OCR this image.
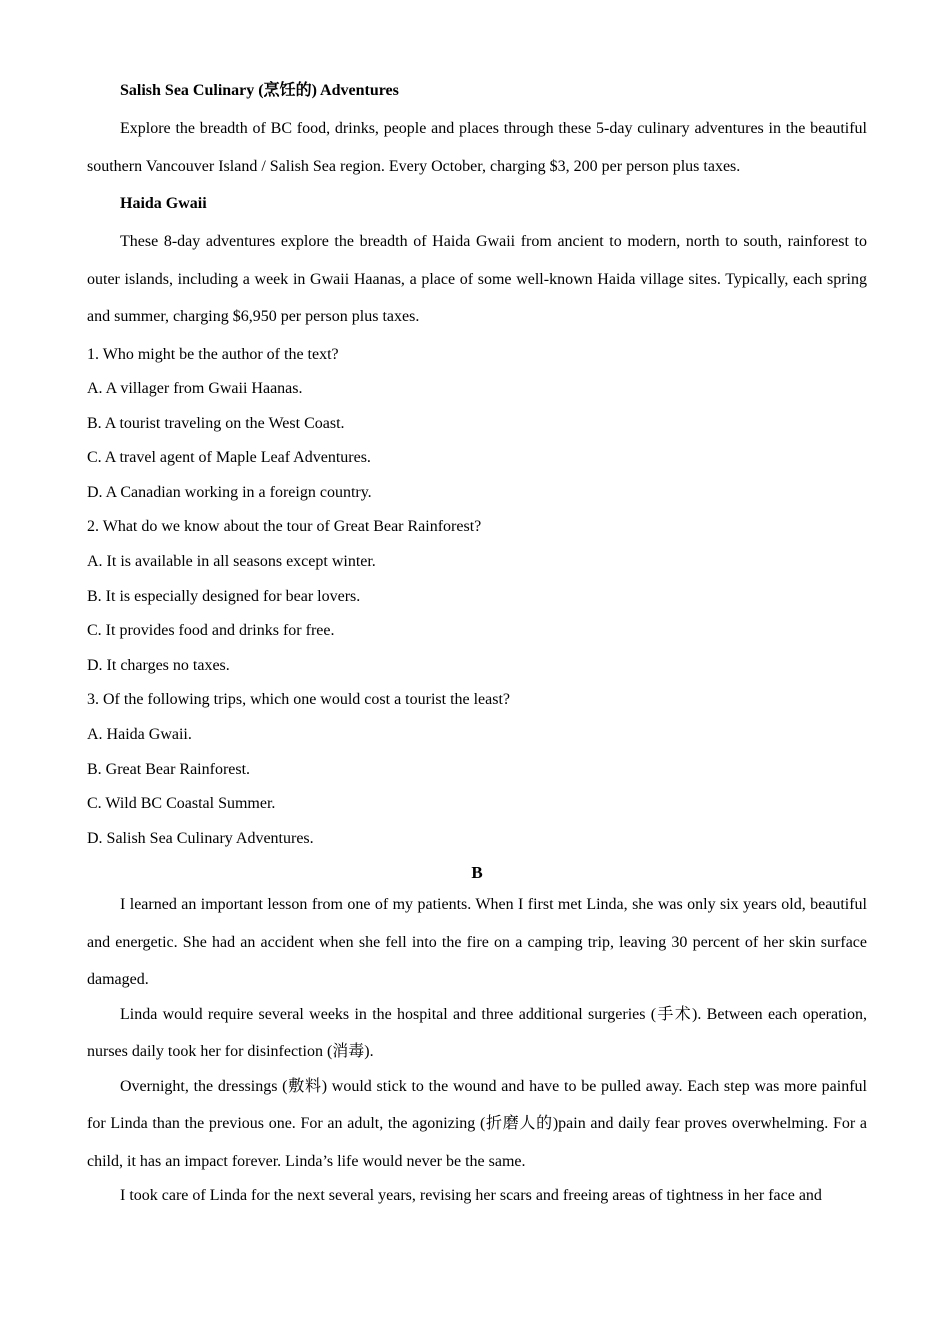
Salish Sea Culinary (烹饪的) Adventures

Explore the breadth of BC food, drinks, people and places through these 5-day culinary adventures in the beautiful southern Vancouver Island / Salish Sea region. Every October, charging $3, 200 per person plus taxes.

Haida Gwaii

These 8-day adventures explore the breadth of Haida Gwaii from ancient to modern, north to south, rainforest to outer islands, including a week in Gwaii Haanas, a place of some well-known Haida village sites. Typically, each spring and summer, charging $6,950 per person plus taxes.

1. Who might be the author of the text?
A. A villager from Gwaii Haanas.
B. A tourist traveling on the West Coast.
C. A travel agent of Maple Leaf Adventures.
D. A Canadian working in a foreign country.
2. What do we know about the tour of Great Bear Rainforest?
A. It is available in all seasons except winter.
B. It is especially designed for bear lovers.
C. It provides food and drinks for free.
D. It charges no taxes.
3. Of the following trips, which one would cost a tourist the least?
A. Haida Gwaii.
B. Great Bear Rainforest.
C. Wild BC Coastal Summer.
D. Salish Sea Culinary Adventures.
B

I learned an important lesson from one of my patients. When I first met Linda, she was only six years old, beautiful and energetic. She had an accident when she fell into the fire on a camping trip, leaving 30 percent of her skin surface damaged.

Linda would require several weeks in the hospital and three additional surgeries (手术). Between each operation, nurses daily took her for disinfection (消毒).

Overnight, the dressings (敷料) would stick to the wound and have to be pulled away. Each step was more painful for Linda than the previous one. For an adult, the agonizing (折磨人的)pain and daily fear proves overwhelming. For a child, it has an impact forever. Linda’s life would never be the same.

I took care of Linda for the next several years, revising her scars and freeing areas of tightness in her face and
